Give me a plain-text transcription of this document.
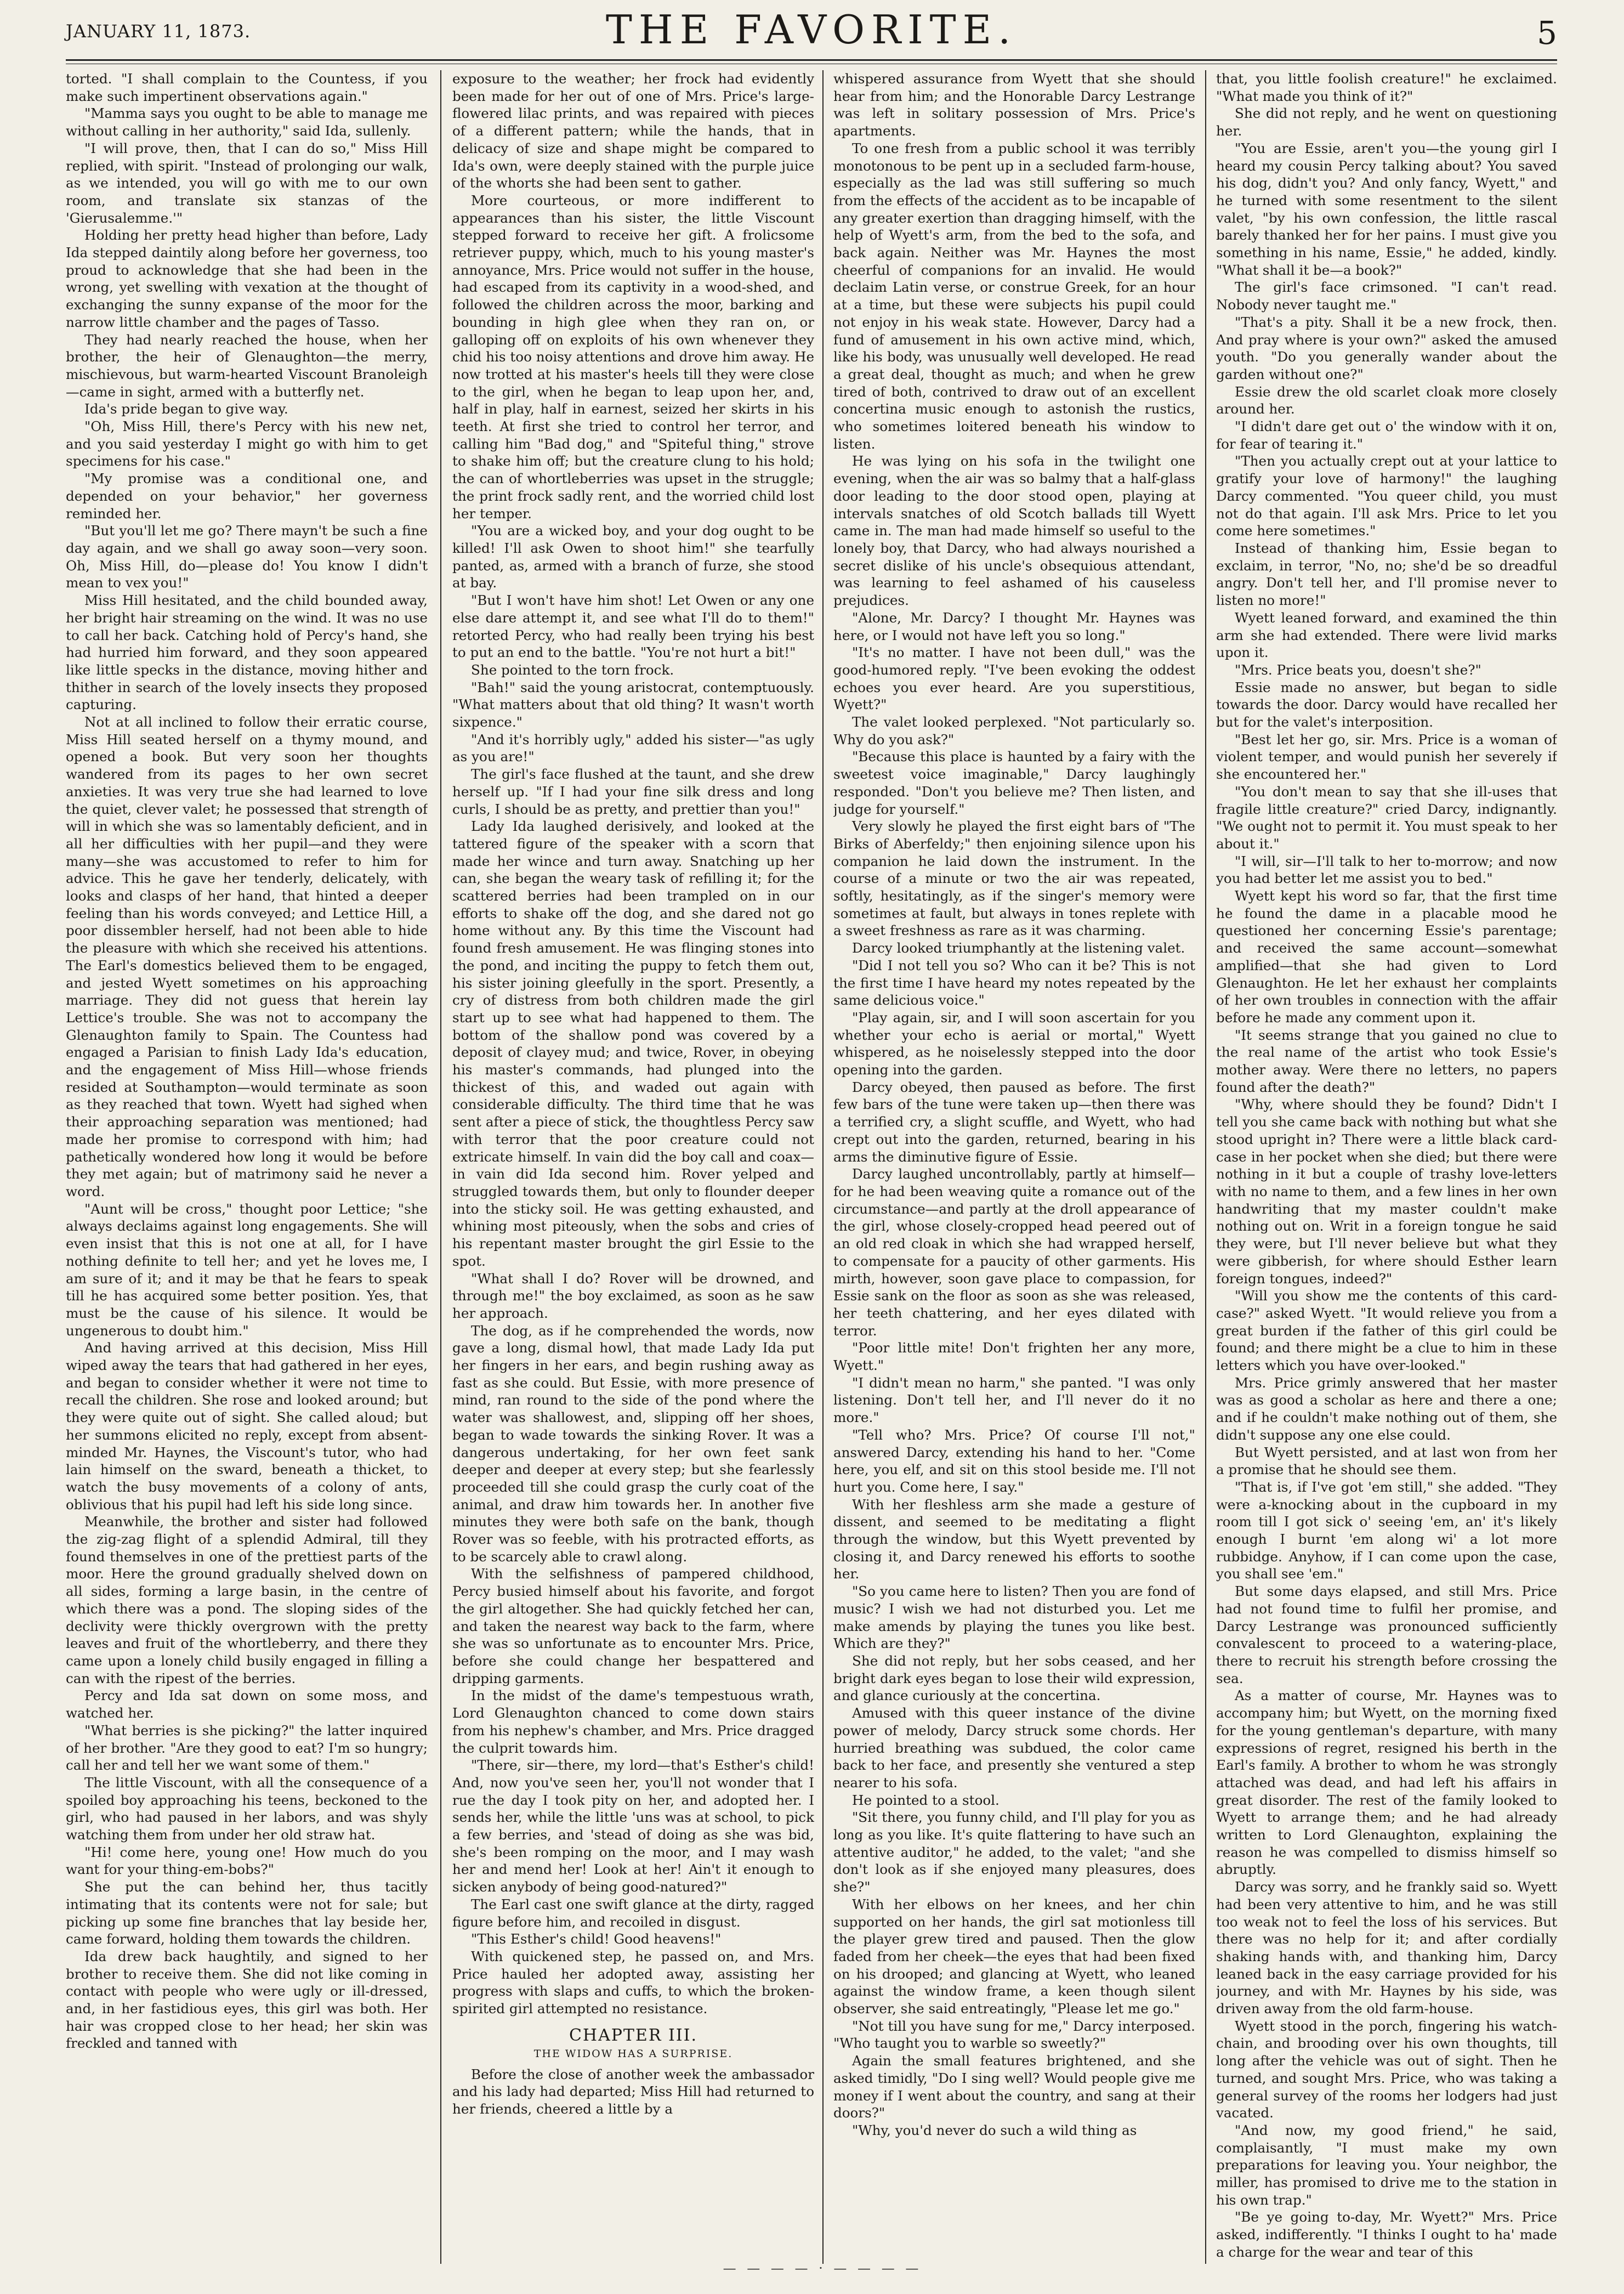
JANUARY 11, 1873.	THE FAVORITE.	5

torted. "I shall complain to the Countess, if you make such impertinent observations again."

"Mamma says you ought to be able to manage me without calling in her authority," said Ida, sullenly.

"I will prove, then, that I can do so," Miss Hill replied, with spirit. "Instead of prolonging our walk, as we intended, you will go with me to our own room, and translate six stanzas of the 'Gierusalemme.'"

Holding her pretty head higher than before, Lady Ida stepped daintily along before her governess, too proud to acknowledge that she had been in the wrong, yet swelling with vexation at the thought of exchanging the sunny expanse of the moor for the narrow little chamber and the pages of Tasso.

They had nearly reached the house, when her brother, the heir of Glenaughton—the merry, mischievous, but warm-hearted Viscount Branoleigh—came in sight, armed with a butterfly net.

Ida's pride began to give way.

"Oh, Miss Hill, there's Percy with his new net, and you said yesterday I might go with him to get specimens for his case."

"My promise was a conditional one, and depended on your behavior," her governess reminded her.

"But you'll let me go? There mayn't be such a fine day again, and we shall go away soon—very soon. Oh, Miss Hill, do—please do! You know I didn't mean to vex you!"

Miss Hill hesitated, and the child bounded away, her bright hair streaming on the wind. It was no use to call her back. Catching hold of Percy's hand, she had hurried him forward, and they soon appeared like little specks in the distance, moving hither and thither in search of the lovely insects they proposed capturing.

Not at all inclined to follow their erratic course, Miss Hill seated herself on a thymy mound, and opened a book. But very soon her thoughts wandered from its pages to her own secret anxieties. It was very true she had learned to love the quiet, clever valet; he possessed that strength of will in which she was so lamentably deficient, and in all her difficulties with her pupil—and they were many—she was accustomed to refer to him for advice. This he gave her tenderly, delicately, with looks and clasps of her hand, that hinted a deeper feeling than his words conveyed; and Lettice Hill, a poor dissembler herself, had not been able to hide the pleasure with which she received his attentions. The Earl's domestics believed them to be engaged, and jested Wyett sometimes on his approaching marriage. They did not guess that herein lay Lettice's trouble. She was not to accompany the Glenaughton family to Spain. The Countess had engaged a Parisian to finish Lady Ida's education, and the engagement of Miss Hill—whose friends resided at Southampton—would terminate as soon as they reached that town. Wyett had sighed when their approaching separation was mentioned; had made her promise to correspond with him; had pathetically wondered how long it would be before they met again; but of matrimony said he never a word.

"Aunt will be cross," thought poor Lettice; "she always declaims against long engagements. She will even insist that this is not one at all, for I have nothing definite to tell her; and yet he loves me, I am sure of it; and it may be that he fears to speak till he has acquired some better position. Yes, that must be the cause of his silence. It would be ungenerous to doubt him."

And having arrived at this decision, Miss Hill wiped away the tears that had gathered in her eyes, and began to consider whether it were not time to recall the children. She rose and looked around; but they were quite out of sight. She called aloud; but her summons elicited no reply, except from absent-minded Mr. Haynes, the Viscount's tutor, who had lain himself on the sward, beneath a thicket, to watch the busy movements of a colony of ants, oblivious that his pupil had left his side long since.

Meanwhile, the brother and sister had followed the zig-zag flight of a splendid Admiral, till they found themselves in one of the prettiest parts of the moor. Here the ground gradually shelved down on all sides, forming a large basin, in the centre of which there was a pond. The sloping sides of the declivity were thickly overgrown with the pretty leaves and fruit of the whortleberry, and there they came upon a lonely child busily engaged in filling a can with the ripest of the berries.

Percy and Ida sat down on some moss, and watched her.

"What berries is she picking?" the latter inquired of her brother. "Are they good to eat? I'm so hungry; call her and tell her we want some of them."

The little Viscount, with all the consequence of a spoiled boy approaching his teens, beckoned to the girl, who had paused in her labors, and was shyly watching them from under her old straw hat.

"Hi! come here, young one! How much do you want for your thing-em-bobs?"

She put the can behind her, thus tacitly intimating that its contents were not for sale; but picking up some fine branches that lay beside her, came forward, holding them towards the children.

Ida drew back haughtily, and signed to her brother to receive them. She did not like coming in contact with people who were ugly or ill-dressed, and, in her fastidious eyes, this girl was both. Her hair was cropped close to her head; her skin was freckled and tanned with

exposure to the weather; her frock had evidently been made for her out of one of Mrs. Price's large-flowered lilac prints, and was repaired with pieces of a different pattern; while the hands, that in delicacy of size and shape might be compared to Ida's own, were deeply stained with the purple juice of the whorts she had been sent to gather.

More courteous, or more indifferent to appearances than his sister, the little Viscount stepped forward to receive her gift. A frolicsome retriever puppy, which, much to his young master's annoyance, Mrs. Price would not suffer in the house, had escaped from its captivity in a wood-shed, and followed the children across the moor, barking and bounding in high glee when they ran on, or galloping off on exploits of his own whenever they chid his too noisy attentions and drove him away. He now trotted at his master's heels till they were close to the girl, when he began to leap upon her, and, half in play, half in earnest, seized her skirts in his teeth. At first she tried to control her terror, and calling him "Bad dog," and "Spiteful thing," strove to shake him off; but the creature clung to his hold; the can of whortleberries was upset in the struggle; the print frock sadly rent, and the worried child lost her temper.

"You are a wicked boy, and your dog ought to be killed! I'll ask Owen to shoot him!" she tearfully panted, as, armed with a branch of furze, she stood at bay.

"But I won't have him shot! Let Owen or any one else dare attempt it, and see what I'll do to them!" retorted Percy, who had really been trying his best to put an end to the battle. "You're not hurt a bit!"

She pointed to the torn frock.

"Bah!" said the young aristocrat, contemptuously. "What matters about that old thing? It wasn't worth sixpence."

"And it's horribly ugly," added his sister—"as ugly as you are!"

The girl's face flushed at the taunt, and she drew herself up. "If I had your fine silk dress and long curls, I should be as pretty, and prettier than you!"

Lady Ida laughed derisively, and looked at the tattered figure of the speaker with a scorn that made her wince and turn away. Snatching up her can, she began the weary task of refilling it; for the scattered berries had been trampled on in our efforts to shake off the dog, and she dared not go home without any. By this time the Viscount had found fresh amusement. He was flinging stones into the pond, and inciting the puppy to fetch them out, his sister joining gleefully in the sport. Presently, a cry of distress from both children made the girl start up to see what had happened to them. The bottom of the shallow pond was covered by a deposit of clayey mud; and twice, Rover, in obeying his master's commands, had plunged into the thickest of this, and waded out again with considerable difficulty. The third time that he was sent after a piece of stick, the thoughtless Percy saw with terror that the poor creature could not extricate himself. In vain did the boy call and coax—in vain did Ida second him. Rover yelped and struggled towards them, but only to flounder deeper into the sticky soil. He was getting exhausted, and whining most piteously, when the sobs and cries of his repentant master brought the girl Essie to the spot.

"What shall I do? Rover will be drowned, and through me!" the boy exclaimed, as soon as he saw her approach.

The dog, as if he comprehended the words, now gave a long, dismal howl, that made Lady Ida put her fingers in her ears, and begin rushing away as fast as she could. But Essie, with more presence of mind, ran round to the side of the pond where the water was shallowest, and, slipping off her shoes, began to wade towards the sinking Rover. It was a dangerous undertaking, for her own feet sank deeper and deeper at every step; but she fearlessly proceeded till she could grasp the curly coat of the animal, and draw him towards her. In another five minutes they were both safe on the bank, though Rover was so feeble, with his protracted efforts, as to be scarcely able to crawl along.

With the selfishness of pampered childhood, Percy busied himself about his favorite, and forgot the girl altogether. She had quickly fetched her can, and taken the nearest way back to the farm, where she was so unfortunate as to encounter Mrs. Price, before she could change her bespattered and dripping garments.

In the midst of the dame's tempestuous wrath, Lord Glenaughton chanced to come down stairs from his nephew's chamber, and Mrs. Price dragged the culprit towards him.

"There, sir—there, my lord—that's Esther's child! And, now you've seen her, you'll not wonder that I rue the day I took pity on her, and adopted her. I sends her, while the little 'uns was at school, to pick a few berries, and 'stead of doing as she was bid, she's been romping on the moor, and I may wash her and mend her! Look at her! Ain't it enough to sicken anybody of being good-natured?"

The Earl cast one swift glance at the dirty, ragged figure before him, and recoiled in disgust.

"This Esther's child! Good heavens!"

With quickened step, he passed on, and Mrs. Price hauled her adopted away, assisting her progress with slaps and cuffs, to which the broken-spirited girl attempted no resistance.

CHAPTER III.
THE WIDOW HAS A SURPRISE.

Before the close of another week the ambassador and his lady had departed; Miss Hill had returned to her friends, cheered a little by a

whispered assurance from Wyett that she should hear from him; and the Honorable Darcy Lestrange was left in solitary possession of Mrs. Price's apartments.

To one fresh from a public school it was terribly monotonous to be pent up in a secluded farm-house, especially as the lad was still suffering so much from the effects of the accident as to be incapable of any greater exertion than dragging himself, with the help of Wyett's arm, from the bed to the sofa, and back again. Neither was Mr. Haynes the most cheerful of companions for an invalid. He would declaim Latin verse, or construe Greek, for an hour at a time, but these were subjects his pupil could not enjoy in his weak state. However, Darcy had a fund of amusement in his own active mind, which, like his body, was unusually well developed. He read a great deal, thought as much; and when he grew tired of both, contrived to draw out of an excellent concertina music enough to astonish the rustics, who sometimes loitered beneath his window to listen.

He was lying on his sofa in the twilight one evening, when the air was so balmy that a half-glass door leading to the door stood open, playing at intervals snatches of old Scotch ballads till Wyett came in. The man had made himself so useful to the lonely boy, that Darcy, who had always nourished a secret dislike of his uncle's obsequious attendant, was learning to feel ashamed of his causeless prejudices.

"Alone, Mr. Darcy? I thought Mr. Haynes was here, or I would not have left you so long."

"It's no matter. I have not been dull," was the good-humored reply. "I've been evoking the oddest echoes you ever heard. Are you superstitious, Wyett?"

The valet looked perplexed. "Not particularly so. Why do you ask?"

"Because this place is haunted by a fairy with the sweetest voice imaginable," Darcy laughingly responded. "Don't you believe me? Then listen, and judge for yourself."

Very slowly he played the first eight bars of "The Birks of Aberfeldy;" then enjoining silence upon his companion he laid down the instrument. In the course of a minute or two the air was repeated, softly, hesitatingly, as if the singer's memory were sometimes at fault, but always in tones replete with a sweet freshness as rare as it was charming.

Darcy looked triumphantly at the listening valet.

"Did I not tell you so? Who can it be? This is not the first time I have heard my notes repeated by the same delicious voice."

"Play again, sir, and I will soon ascertain for you whether your echo is aerial or mortal," Wyett whispered, as he noiselessly stepped into the door opening into the garden.

Darcy obeyed, then paused as before. The first few bars of the tune were taken up—then there was a terrified cry, a slight scuffle, and Wyett, who had crept out into the garden, returned, bearing in his arms the diminutive figure of Essie.

Darcy laughed uncontrollably, partly at himself—for he had been weaving quite a romance out of the circumstance—and partly at the droll appearance of the girl, whose closely-cropped head peered out of an old red cloak in which she had wrapped herself, to compensate for a paucity of other garments. His mirth, however, soon gave place to compassion, for Essie sank on the floor as soon as she was released, her teeth chattering, and her eyes dilated with terror.

"Poor little mite! Don't frighten her any more, Wyett."

"I didn't mean no harm," she panted. "I was only listening. Don't tell her, and I'll never do it no more."

"Tell who? Mrs. Price? Of course I'll not," answered Darcy, extending his hand to her. "Come here, you elf, and sit on this stool beside me. I'll not hurt you. Come here, I say."

With her fleshless arm she made a gesture of dissent, and seemed to be meditating a flight through the window, but this Wyett prevented by closing it, and Darcy renewed his efforts to soothe her.

"So you came here to listen? Then you are fond of music? I wish we had not disturbed you. Let me make amends by playing the tunes you like best. Which are they?"

She did not reply, but her sobs ceased, and her bright dark eyes began to lose their wild expression, and glance curiously at the concertina.

Amused with this queer instance of the divine power of melody, Darcy struck some chords. Her hurried breathing was subdued, the color came back to her face, and presently she ventured a step nearer to his sofa.

He pointed to a stool.

"Sit there, you funny child, and I'll play for you as long as you like. It's quite flattering to have such an attentive auditor," he added, to the valet; "and she don't look as if she enjoyed many pleasures, does she?"

With her elbows on her knees, and her chin supported on her hands, the girl sat motionless till the player grew tired and paused. Then the glow faded from her cheek—the eyes that had been fixed on his drooped; and glancing at Wyett, who leaned against the window frame, a keen though silent observer, she said entreatingly, "Please let me go."

"Not till you have sung for me," Darcy interposed. "Who taught you to warble so sweetly?"

Again the small features brightened, and she asked timidly, "Do I sing well? Would people give me money if I went about the country, and sang at their doors?"

"Why, you'd never do such a wild thing as

that, you little foolish creature!" he exclaimed. "What made you think of it?"

She did not reply, and he went on questioning her.

"You are Essie, aren't you—the young girl I heard my cousin Percy talking about? You saved his dog, didn't you? And only fancy, Wyett," and he turned with some resentment to the silent valet, "by his own confession, the little rascal barely thanked her for her pains. I must give you something in his name, Essie," he added, kindly. "What shall it be—a book?"

The girl's face crimsoned. "I can't read. Nobody never taught me."

"That's a pity. Shall it be a new frock, then. And pray where is your own?" asked the amused youth. "Do you generally wander about the garden without one?"

Essie drew the old scarlet cloak more closely around her.

"I didn't dare get out o' the window with it on, for fear of tearing it."

"Then you actually crept out at your lattice to gratify your love of harmony!" the laughing Darcy commented. "You queer child, you must not do that again. I'll ask Mrs. Price to let you come here sometimes."

Instead of thanking him, Essie began to exclaim, in terror, "No, no; she'd be so dreadful angry. Don't tell her, and I'll promise never to listen no more!"

Wyett leaned forward, and examined the thin arm she had extended. There were livid marks upon it.

"Mrs. Price beats you, doesn't she?"

Essie made no answer, but began to sidle towards the door. Darcy would have recalled her but for the valet's interposition.

"Best let her go, sir. Mrs. Price is a woman of violent temper, and would punish her severely if she encountered her."

"You don't mean to say that she ill-uses that fragile little creature?" cried Darcy, indignantly. "We ought not to permit it. You must speak to her about it."

"I will, sir—I'll talk to her to-morrow; and now you had better let me assist you to bed."

Wyett kept his word so far, that the first time he found the dame in a placable mood he questioned her concerning Essie's parentage; and received the same account—somewhat amplified—that she had given to Lord Glenaughton. He let her exhaust her complaints of her own troubles in connection with the affair before he made any comment upon it.

"It seems strange that you gained no clue to the real name of the artist who took Essie's mother away. Were there no letters, no papers found after the death?"

"Why, where should they be found? Didn't I tell you she came back with nothing but what she stood upright in? There were a little black card-case in her pocket when she died; but there were nothing in it but a couple of trashy love-letters with no name to them, and a few lines in her own handwriting that my master couldn't make nothing out on. Writ in a foreign tongue he said they were, but I'll never believe but what they were gibberish, for where should Esther learn foreign tongues, indeed?"

"Will you show me the contents of this card-case?" asked Wyett. "It would relieve you from a great burden if the father of this girl could be found; and there might be a clue to him in these letters which you have over-looked."

Mrs. Price grimly answered that her master was as good a scholar as here and there a one; and if he couldn't make nothing out of them, she didn't suppose any one else could.

But Wyett persisted, and at last won from her a promise that he should see them.

"That is, if I've got 'em still," she added. "They were a-knocking about in the cupboard in my room till I got sick o' seeing 'em, an' it's likely enough I burnt 'em along wi' a lot more rubbidge. Anyhow, if I can come upon the case, you shall see 'em."

But some days elapsed, and still Mrs. Price had not found time to fulfil her promise, and Darcy Lestrange was pronounced sufficiently convalescent to proceed to a watering-place, there to recruit his strength before crossing the sea.

As a matter of course, Mr. Haynes was to accompany him; but Wyett, on the morning fixed for the young gentleman's departure, with many expressions of regret, resigned his berth in the Earl's family. A brother to whom he was strongly attached was dead, and had left his affairs in great disorder. The rest of the family looked to Wyett to arrange them; and he had already written to Lord Glenaughton, explaining the reason he was compelled to dismiss himself so abruptly.

Darcy was sorry, and he frankly said so. Wyett had been very attentive to him, and he was still too weak not to feel the loss of his services. But there was no help for it; and after cordially shaking hands with, and thanking him, Darcy leaned back in the easy carriage provided for his journey, and with Mr. Haynes by his side, was driven away from the old farm-house.

Wyett stood in the porch, fingering his watch-chain, and brooding over his own thoughts, till long after the vehicle was out of sight. Then he turned, and sought Mrs. Price, who was taking a general survey of the rooms her lodgers had just vacated.

"And now, my good friend," he said, complaisantly, "I must make my own preparations for leaving you. Your neighbor, the miller, has promised to drive me to the station in his own trap."

"Be ye going to-day, Mr. Wyett?" Mrs. Price asked, indifferently. "I thinks I ought to ha' made a charge for the wear and tear of this

— — — — · — — — —
